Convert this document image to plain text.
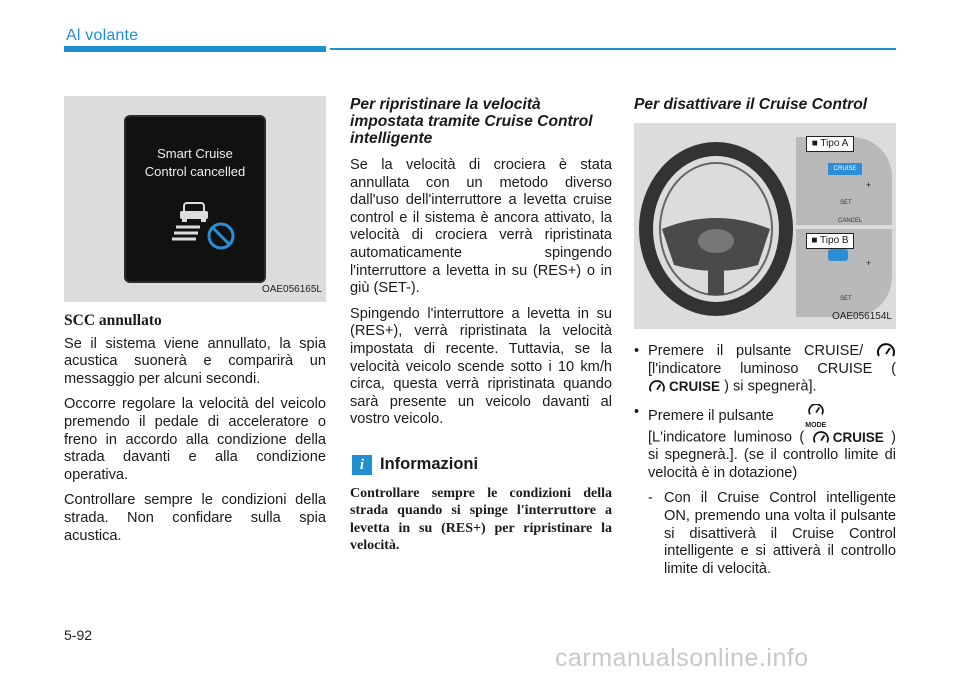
Al volante
Smart Cruise
Control cancelled
OAE056165L
SCC annullato

Se il sistema viene annullato, la spia acustica suonerà e comparirà un messaggio per alcuni secondi.

Occorre regolare la velocità del veicolo premendo il pedale di acceleratore o freno in accordo alla condizione della strada davanti e alla condizione operativa.

Controllare sempre le condizioni della strada. Non confidare sulla spia acustica.

Per ripristinare la velocità impostata tramite Cruise Control intelligente

Se la velocità di crociera è stata annullata con un metodo diverso dall'uso dell'interruttore a levetta cruise control e il sistema è ancora attivato, la velocità di crociera verrà ripristinata automaticamente spingendo l'interruttore a levetta in su (RES+) o in giù (SET-).

Spingendo l'interruttore a levetta in su (RES+), verrà ripristinata la velocità impostata di recente. Tuttavia, se la velocità veicolo scende sotto i 10 km/h circa, questa verrà ripristinata quando sarà presente un veicolo davanti al vostro veicolo.

i Informazioni

Controllare sempre le condizioni della strada quando si spinge l'interruttore a levetta in su (RES+) per ripristinare la velocità.

Per disattivare il Cruise Control
CRUISE
+
SET
CANCEL
+
SET
OAE056154L
• Premere il pulsante CRUISE/  [l'indicatore luminoso CRUISE (
CRUISE ) si spegnerà].
• Premere il pulsante
MODE

[L'indicatore luminoso ( CRUISE ) si spegnerà.]. (se il controllo limite di velocità è in dotazione)
- Con il Cruise Control intelligente ON, premendo una volta il pulsante si disattiverà il Cruise Control intelligente e si attiverà il controllo limite di velocità.
■ Tipo A
■ Tipo B
5-92
carmanualsonline.info
